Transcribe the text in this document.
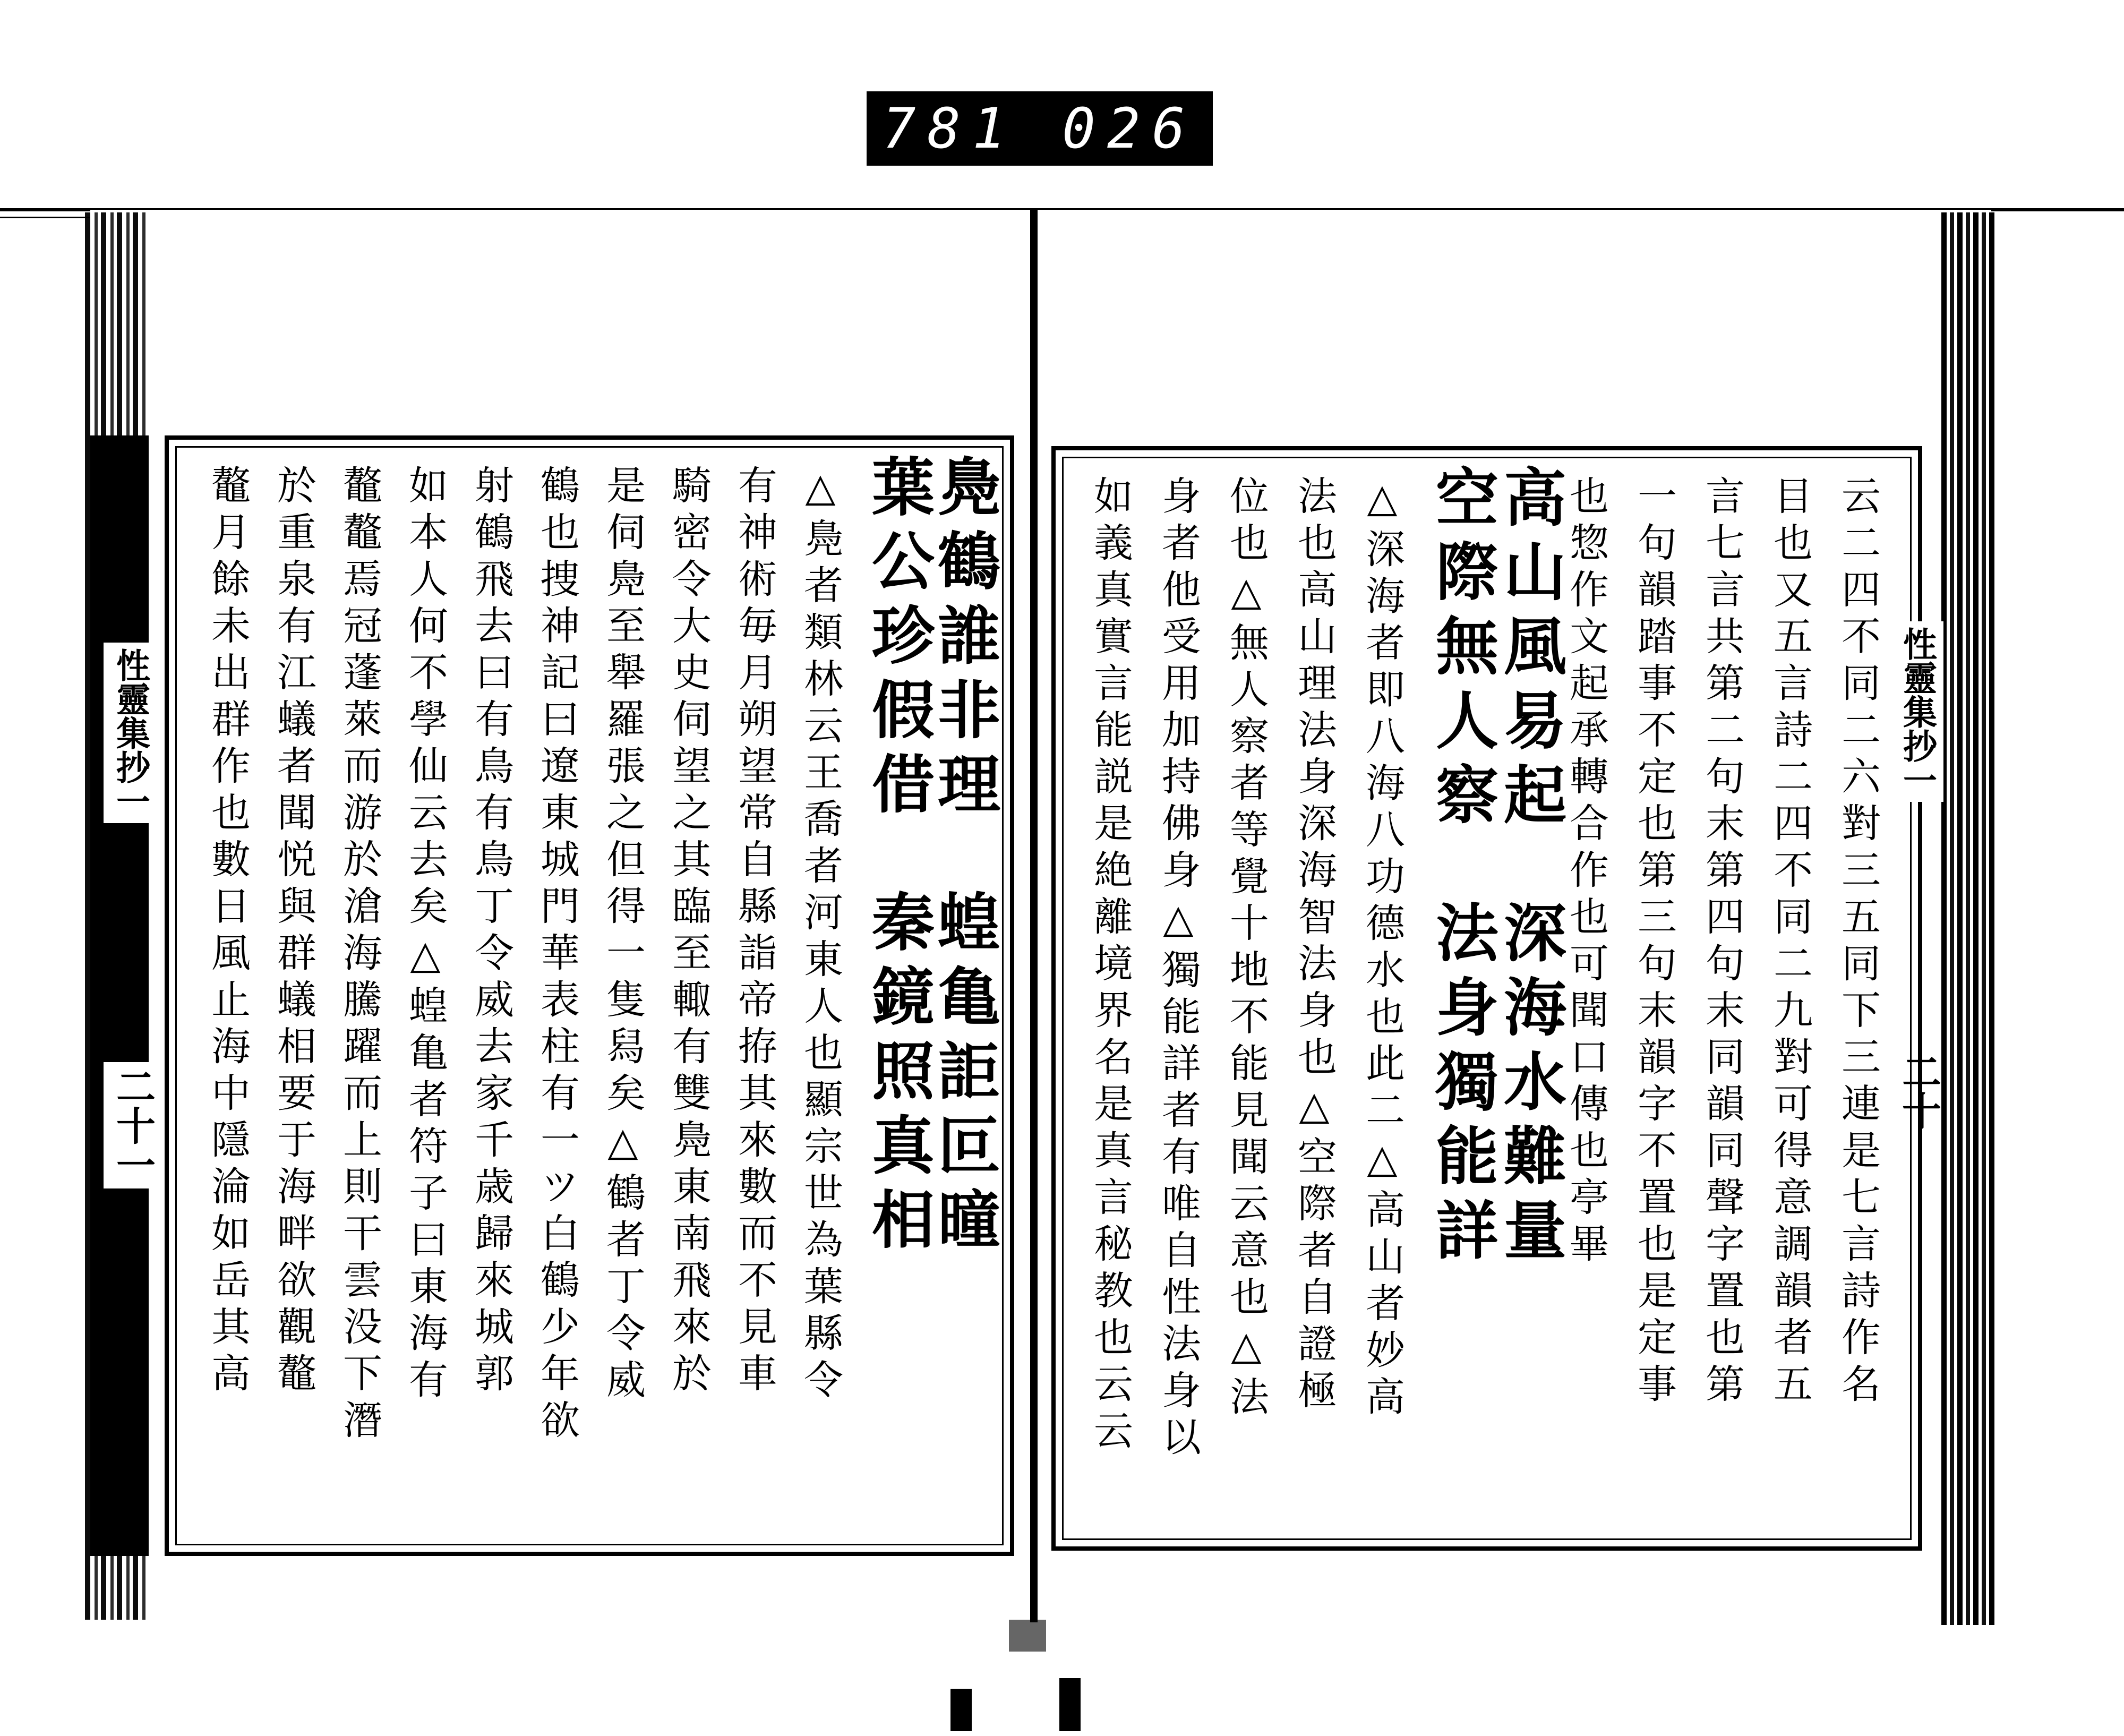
781 026
鳧鶴誰非理
蝗亀詎叵曈
葉公珍假借
秦鏡照真相
△鳧者類林云王喬者河東人也顯宗世為葉縣令
有神術毎月朔望常自縣詣帝拵其來數而不見車
騎密令大史伺望之其臨至輙有雙鳧東南飛來於
是伺鳧至舉羅張之但得一隻舄矣△鶴者丁令威
鶴也捜神記曰遼東城門華表柱有一ツ白鶴少年欲
射鶴飛去曰有鳥有鳥丁令威去家千歳歸來城郭
如本人何不學仙云去矣△蝗亀者符子曰東海有
鼇鼇焉冠蓬萊而游於滄海騰躍而上則干雲没下潛
於重泉有江蟻者聞悦與群蟻相要于海畔欲觀鼇
鼇月餘未出群作也數日風止海中隱淪如岳其高
性靈集抄一
二十一	云二四不同二六對三五同下三連是七言詩作名
目也又五言詩二四不同二九對可得意調韻者五
言七言共第二句末第四句末同韻同聲字置也第
一句韻踏事不定也第三句末韻字不置也是定事
也惣作文起承轉合作也可聞口傳也亭畢
高山風易起
深海水難量
空際無人察
法身獨能詳
△深海者即八海八功德水也此二△高山者妙高
法也高山理法身深海智法身也△空際者自證極
位也△無人察者等覺十地不能見聞云意也△法
身者他受用加持佛身△獨能詳者有唯自性法身以
如義真實言能説是絶離境界名是真言秘教也云云	性靈集抄一
二十
